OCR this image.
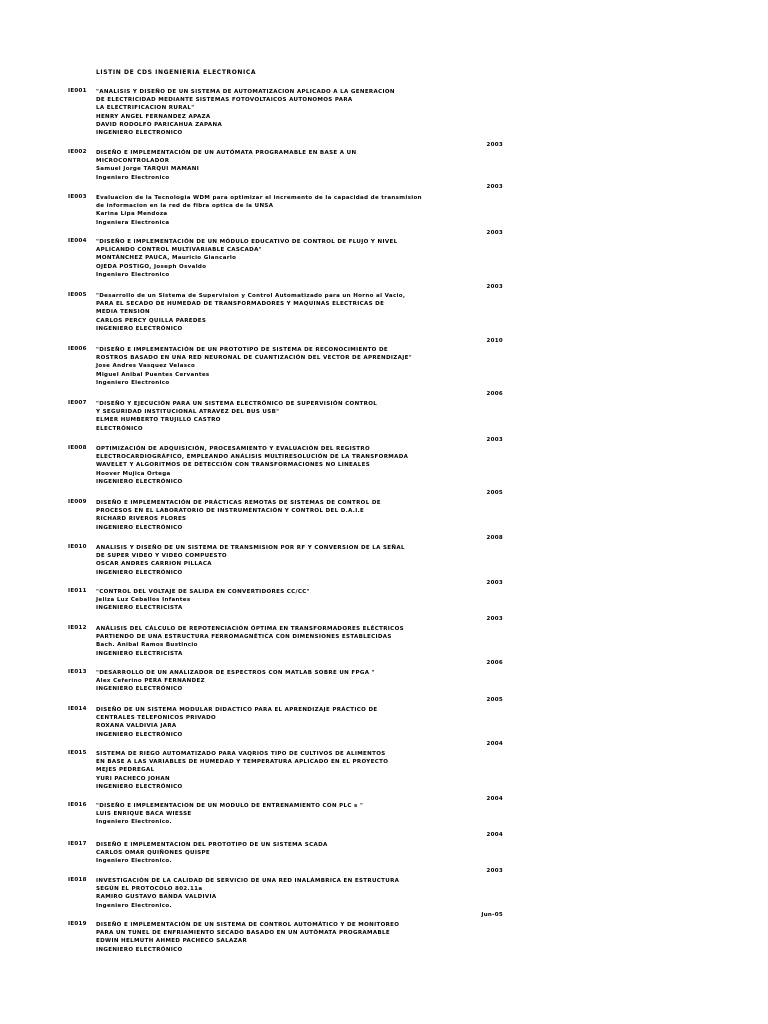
LISTIN DE CDS INGENIERIA ELECTRONICA
IE001 "ANALISIS Y DISEÑO DE UN SISTEMA DE AUTOMATIZACION APLICADO A LA GENERACION
DE ELECTRICIDAD MEDIANTE SISTEMAS FOTOVOLTAICOS AUTONOMOS PARA
LA ELECTRIFICACION RURAL"
HENRY ANGEL FERNANDEZ APAZA
DAVID RODOLFO PARICAHUA ZAPANA
INGENIERO ELECTRONICO
2003
IE002 DISEÑO E IMPLEMENTACIÓN DE UN AUTÓMATA PROGRAMABLE EN BASE A UN
MICROCONTROLADOR
Samuel Jorge TARQUI MAMANI
Ingeniero Electronico
2003
IE003 Evaluacion de la Tecnologia WDM para optimizar el incremento de la capacidad de transmision
de informacion en la red de fibra optica de la UNSA
Karina Lipa Mendoza
Ingeniera Electronica
2003
IE004 "DISEÑO E IMPLEMENTACIÓN DE UN MÓDULO EDUCATIVO DE CONTROL DE FLUJO Y NIVEL
APLICANDO CONTROL MULTIVARIABLE CASCADA"
MONTÁNCHEZ PAUCA, Mauricio Giancarlo
OJEDA POSTIGO, Joseph Osvaldo
Ingeniero Electronico
2003
IE005 "Desarrollo de un Sistema de Supervision y Control Automatizado para un Horno al Vacio,
PARA EL SECADO DE HUMEDAD DE TRANSFORMADORES Y MAQUINAS ELECTRICAS DE
MEDIA TENSION
CARLOS PERCY QUILLA PAREDES
INGENIERO ELECTRÓNICO
2010
IE006 "DISEÑO E IMPLEMENTACIÓN DE UN PROTOTIPO DE SISTEMA DE RECONOCIMIENTO DE
ROSTROS BASADO EN UNA RED NEURONAL DE CUANTIZACIÓN DEL VECTOR DE APRENDIZAJE"
Jose Andres Vasquez Velasco
Miguel Anibal Puentes Cervantes
Ingeniero Electronico
2006
IE007 "DISEÑO Y EJECUCIÓN PARA UN SISTEMA ELECTRÓNICO DE SUPERVISIÓN CONTROL
Y SEGURIDAD INSTITUCIONAL ATRAVEZ DEL BUS USB"
ELMER HUMBERTO TRUJILLO CASTRO
ELECTRÓNICO
2003
IE008 OPTIMIZACIÓN DE ADQUISICIÓN, PROCESAMIENTO Y EVALUACIÓN DEL REGISTRO
ELECTROCARDIOGRÁFICO, EMPLEANDO ANÁLISIS MULTIRESOLUCIÓN DE LA TRANSFORMADA
WAVELET Y ALGORITMOS DE DETECCIÓN CON TRANSFORMACIONES NO LINEALES
Hoover Mujica Ortega
INGENIERO ELECTRÓNICO
2005
IE009 DISEÑO E IMPLEMENTACIÓN DE PRÁCTICAS REMOTAS DE SISTEMAS DE CONTROL DE
PROCESOS EN EL LABORATORIO DE INSTRUMENTACIÓN Y CONTROL DEL D.A.I.E
RICHARD RIVEROS FLORES
INGENIERO ELECTRÓNICO
2008
IE010 ANALISIS Y DISEÑO DE UN SISTEMA DE TRANSMISION POR RF Y CONVERSION DE LA SEÑAL
DE SUPER VIDEO Y VIDEO COMPUESTO
OSCAR ANDRES CARRION PILLACA
INGENIERO ELECTRÓNICO
2003
IE011 "CONTROL DEL VOLTAJE DE SALIDA EN CONVERTIDORES CC/CC"
Jeliza Luz Ceballos Infantes
INGENIERO ELECTRICISTA
2003
IE012 ANÁLISIS DEL CÁLCULO DE REPOTENCIACIÓN ÓPTIMA EN TRANSFORMADORES ELÉCTRICOS
PARTIENDO DE UNA ESTRUCTURA FERROMAGNÉTICA CON DIMENSIONES ESTABLECIDAS
Bach. Anibal Ramos Bustincio
INGENIERO ELECTRICISTA
2006
IE013 "DESARROLLO DE UN ANALIZADOR DE ESPECTROS CON MATLAB SOBRE UN FPGA "
Alex Ceferino PERA FERNANDEZ
INGENIERO ELECTRÓNICO
2005
IE014 DISEÑO DE UN SISTEMA MODULAR DIDACTICO PARA EL APRENDIZAJE PRÁCTICO DE
CENTRALES TELEFONICOS PRIVADO
ROXANA VALDIVIA JARA
INGENIERO ELECTRÓNICO
2004
IE015 SISTEMA DE RIEGO AUTOMATIZADO PARA VAQRIOS TIPO DE CULTIVOS DE ALIMENTOS
EN BASE A LAS VARIABLES DE HUMEDAD Y TEMPERATURA APLICADO EN EL PROYECTO
MEJES PEDREGAL
YURI PACHECO JOHAN
INGENIERO ELECTRÓNICO
2004
IE016 "DISEÑO E IMPLEMENTACION DE UN MODULO DE ENTRENAMIENTO CON PLC s "
LUIS ENRIQUE BACA WIESSE
Ingeniero Electronico.
2004
IE017 DISEÑO E IMPLEMENTACION DEL PROTOTIPO DE UN SISTEMA SCADA
CARLOS OMAR QUIÑONES QUISPE
Ingeniero Electronico.
2003
IE018 INVESTIGACIÓN DE LA CALIDAD DE SERVICIO DE UNA RED INALÁMBRICA EN ESTRUCTURA
SEGÚN EL PROTOCOLO 802.11a
RAMIRO GUSTAVO BANDA VALDIVIA
Ingeniero Electronico.
Jun-05
IE019 DISEÑO E IMPLEMENTACIÓN DE UN SISTEMA DE CONTROL AUTOMÁTICO Y DE MONITOREO
PARA UN TUNEL DE ENFRIAMIENTO SECADO BASADO EN UN AUTÓMATA PROGRAMABLE
EDWIN HELMUTH AHMED PACHECO SALAZAR
INGENIERO ELECTRÓNICO
